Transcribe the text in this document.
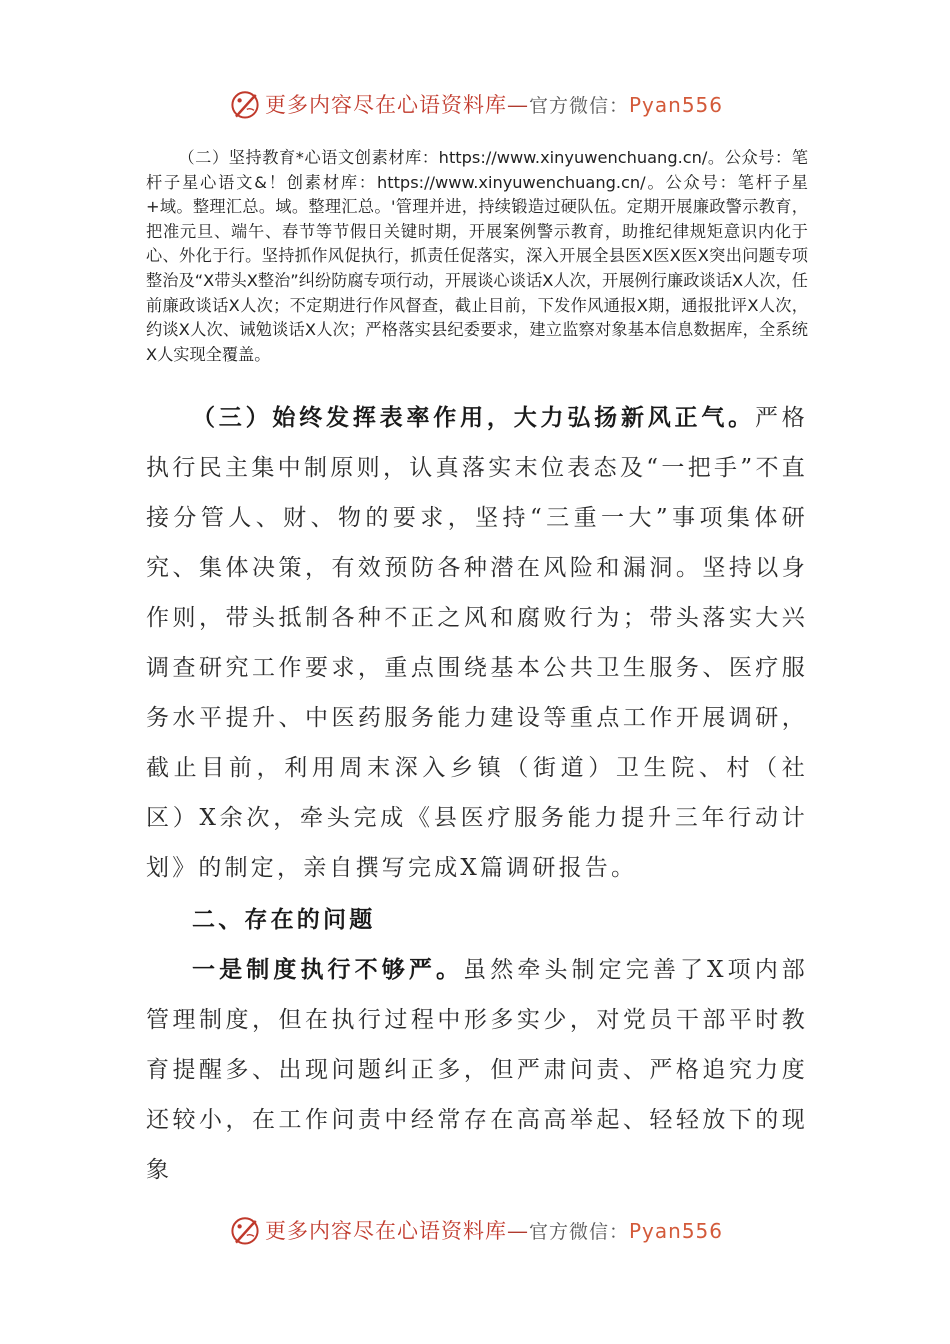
更多内容尽在心语资料库—官方微信：Pyan556

（二）坚持教育*心语文创素材库：https://www.xinyuwenchuang.cn/。公众号：笔杆子星心语文&！创素材库：https://www.xinyuwenchuang.cn/。公众号：笔杆子星+域。整理汇总。域。整理汇总。'管理并进，持续锻造过硬队伍。定期开展廉政警示教育，把准元旦、端午、春节等节假日关键时期，开展案例警示教育，助推纪律规矩意识内化于心、外化于行。坚持抓作风促执行，抓责任促落实，深入开展全县医X医X医X突出问题专项整治及“X带头X整治”纠纷防腐专项行动，开展谈心谈话X人次，开展例行廉政谈话X人次，任前廉政谈话X人次；不定期进行作风督查，截止目前，下发作风通报X期，通报批评X人次，约谈X人次、诫勉谈话X人次；严格落实县纪委要求，建立监察对象基本信息数据库，全系统X人实现全覆盖。

（三）始终发挥表率作用，大力弘扬新风正气。严格执行民主集中制原则，认真落实末位表态及“一把手”不直接分管人、财、物的要求，坚持“三重一大”事项集体研究、集体决策，有效预防各种潜在风险和漏洞。坚持以身作则，带头抵制各种不正之风和腐败行为；带头落实大兴调查研究工作要求，重点围绕基本公共卫生服务、医疗服务水平提升、中医药服务能力建设等重点工作开展调研，截止目前，利用周末深入乡镇（街道）卫生院、村（社区）X余次，牵头完成《县医疗服务能力提升三年行动计划》的制定，亲自撰写完成X篇调研报告。

二、存在的问题

一是制度执行不够严。虽然牵头制定完善了X项内部管理制度，但在执行过程中形多实少，对党员干部平时教育提醒多、出现问题纠正多，但严肃问责、严格追究力度还较小，在工作问责中经常存在高高举起、轻轻放下的现象

更多内容尽在心语资料库—官方微信：Pyan556
